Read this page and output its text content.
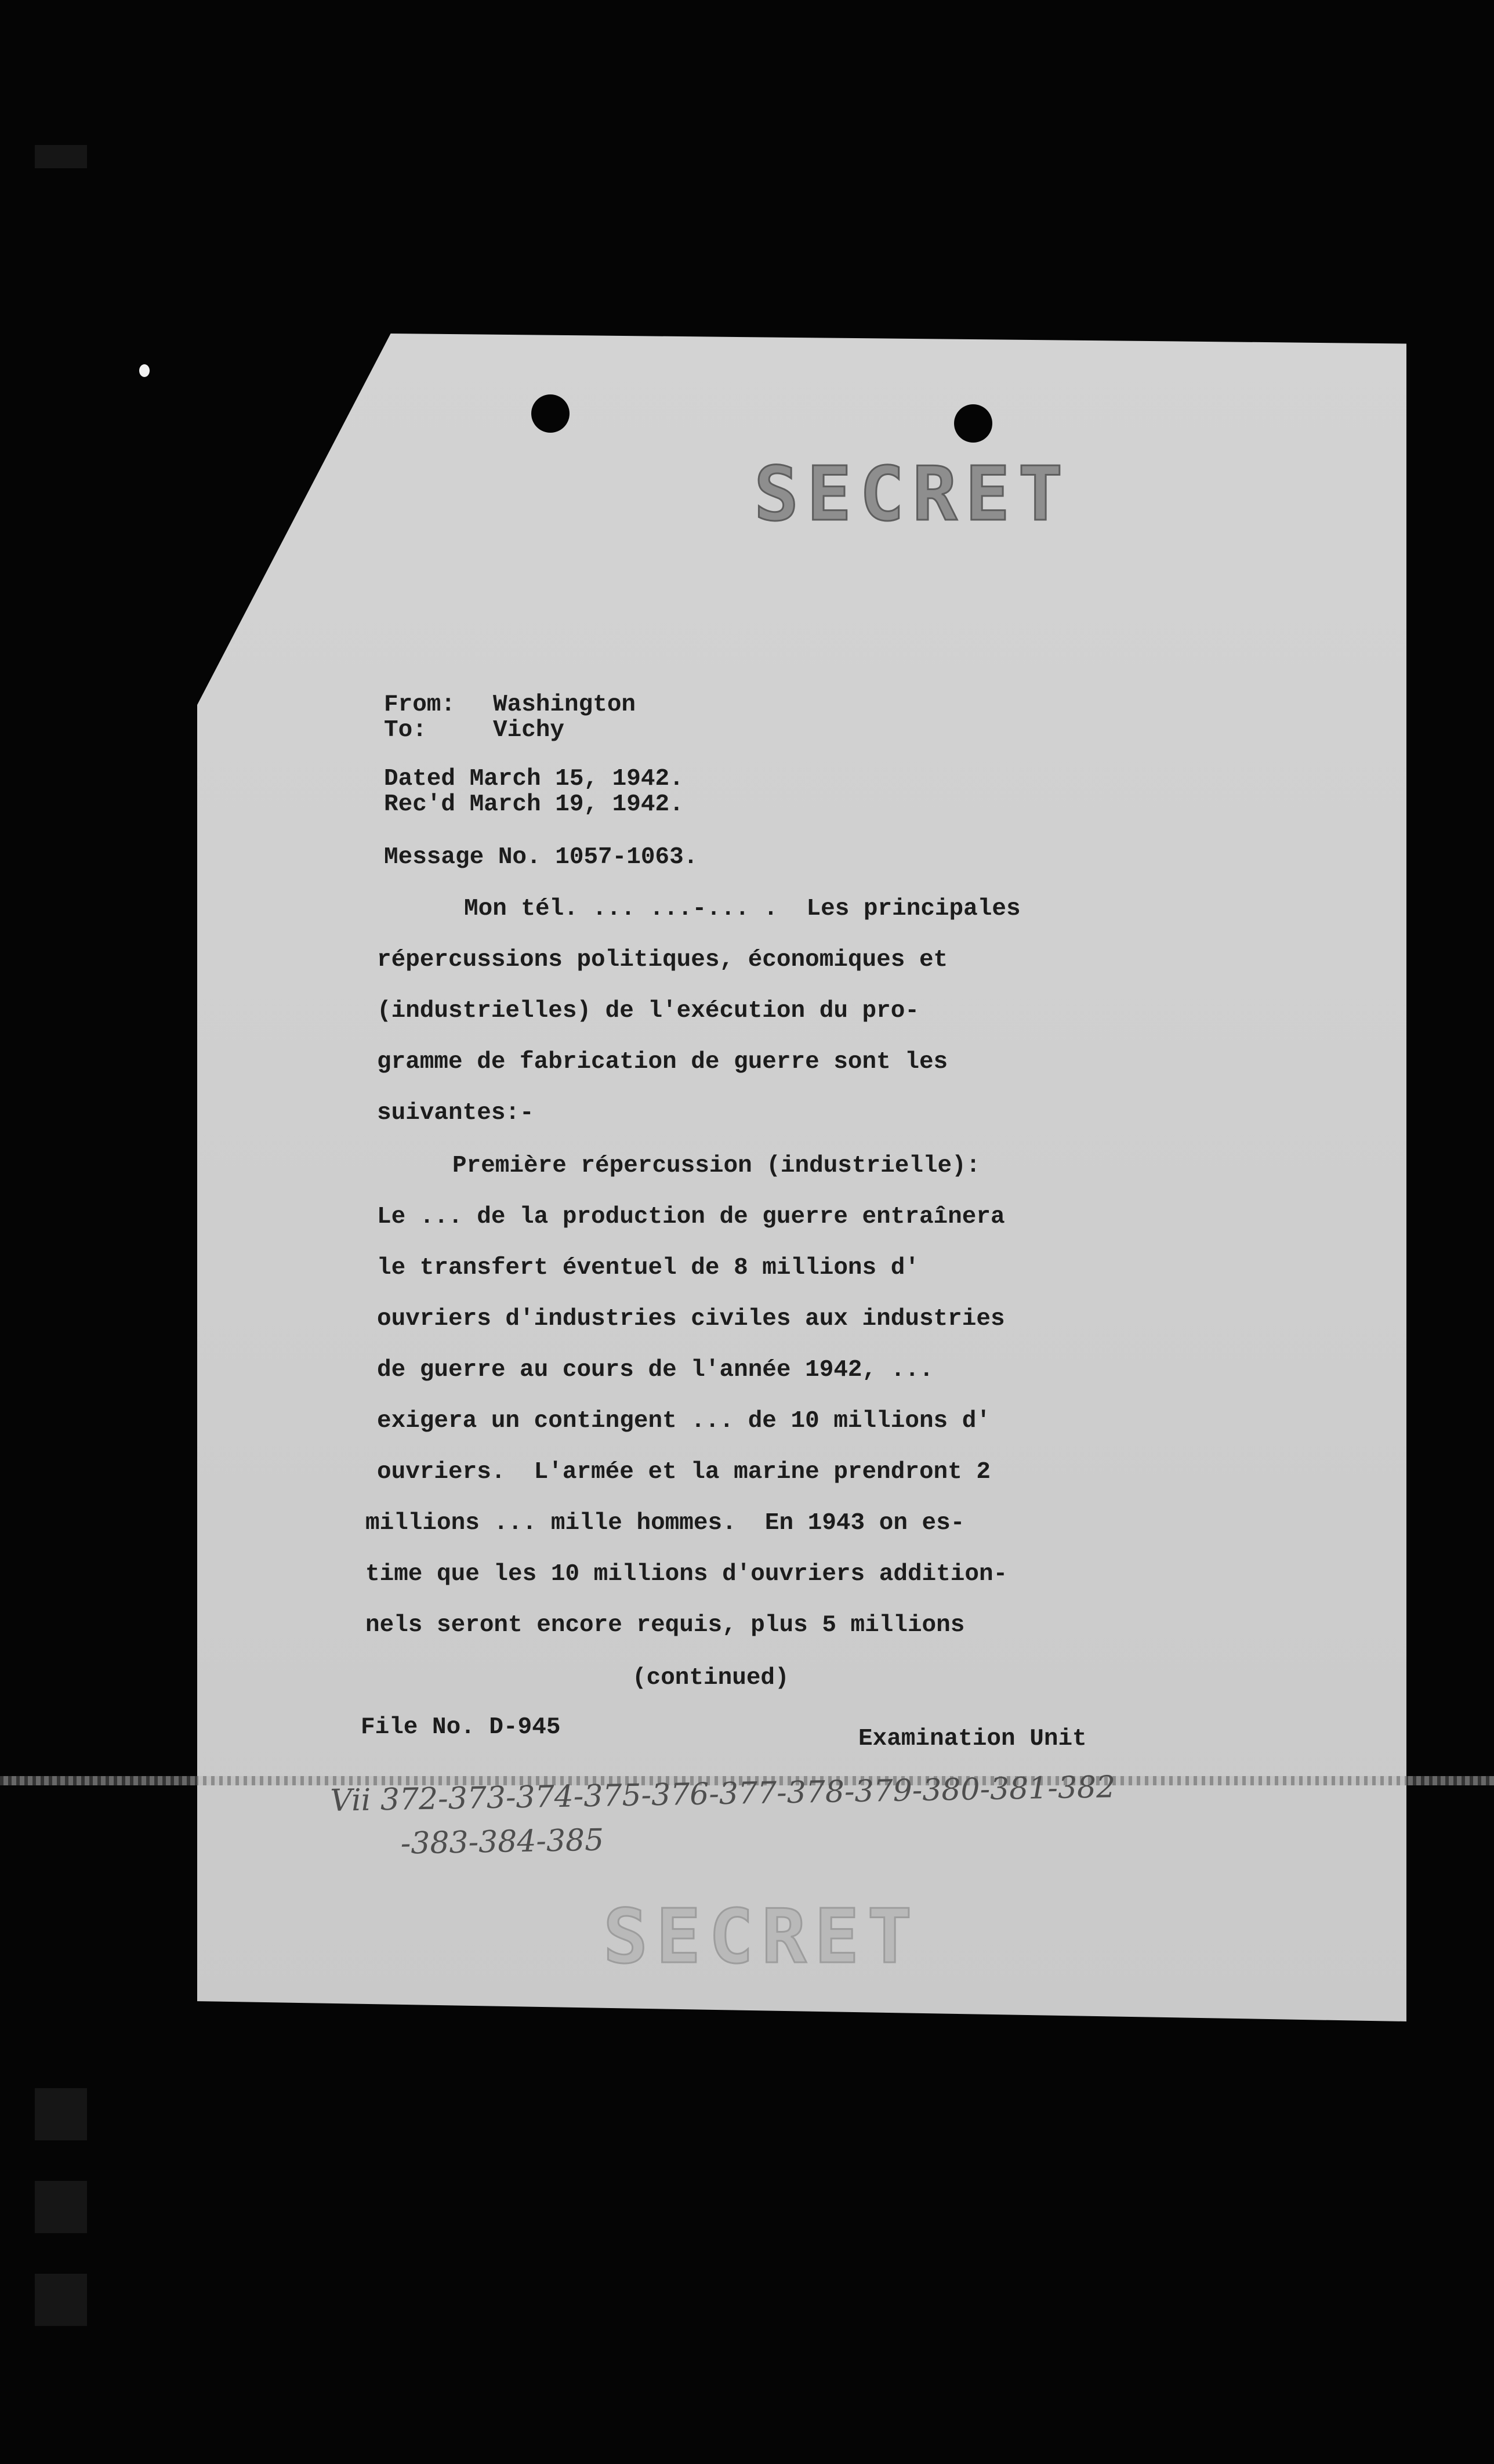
SECRET
From: Washington
To:	Vichy
Dated March 15, 1942.
Rec'd March 19, 1942.
Message No. 1057-1063.
Mon tél. ... ...-... .  Les principales
répercussions politiques, économiques et
(industrielles) de l'exécution du pro-
gramme de fabrication de guerre sont les
suivantes:-
Première répercussion (industrielle):
Le ... de la production de guerre entraînera
le transfert éventuel de 8 millions d'
ouvriers d'industries civiles aux industries
de guerre au cours de l'année 1942, ...
exigera un contingent ... de 10 millions d'
ouvriers.  L'armée et la marine prendront 2
millions ... mille hommes.  En 1943 on es-
time que les 10 millions d'ouvriers addition-
nels seront encore requis, plus 5 millions
(continued)
File No. D-945	Examination Unit
Vii 372-373-374-375-376-377-378-379-380-381-382
-383-384-385
SECRET
